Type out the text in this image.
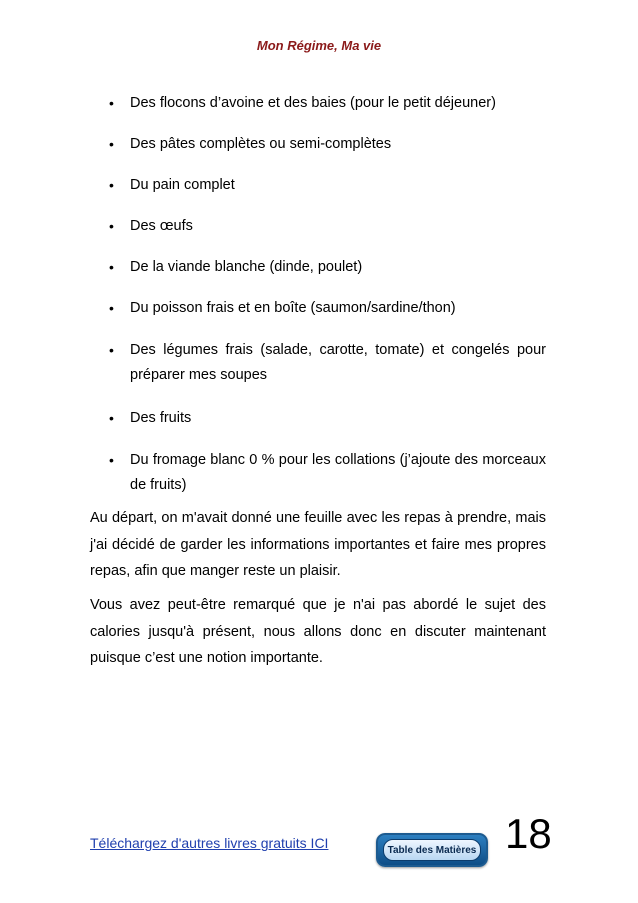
Mon Régime, Ma vie
• Des flocons d’avoine et des baies (pour le petit déjeuner)
• Des pâtes complètes ou semi-complètes
• Du pain complet
• Des œufs
• De la viande blanche (dinde, poulet)
• Du poisson frais et en boîte (saumon/sardine/thon)
• Des légumes frais (salade, carotte, tomate) et congelés pour préparer mes soupes
• Des fruits
• Du fromage blanc 0 % pour les collations (j’ajoute des morceaux de fruits)

Au départ, on m'avait donné une feuille avec les repas à prendre, mais j'ai décidé de garder les informations importantes et faire mes propres repas, afin que manger reste un plaisir.

Vous avez peut-être remarqué que je n'ai pas abordé le sujet des calories jusqu'à présent, nous allons donc en discuter maintenant puisque c’est une notion importante.

Téléchargez d'autres livres gratuits ICI	Table des Matières 18
